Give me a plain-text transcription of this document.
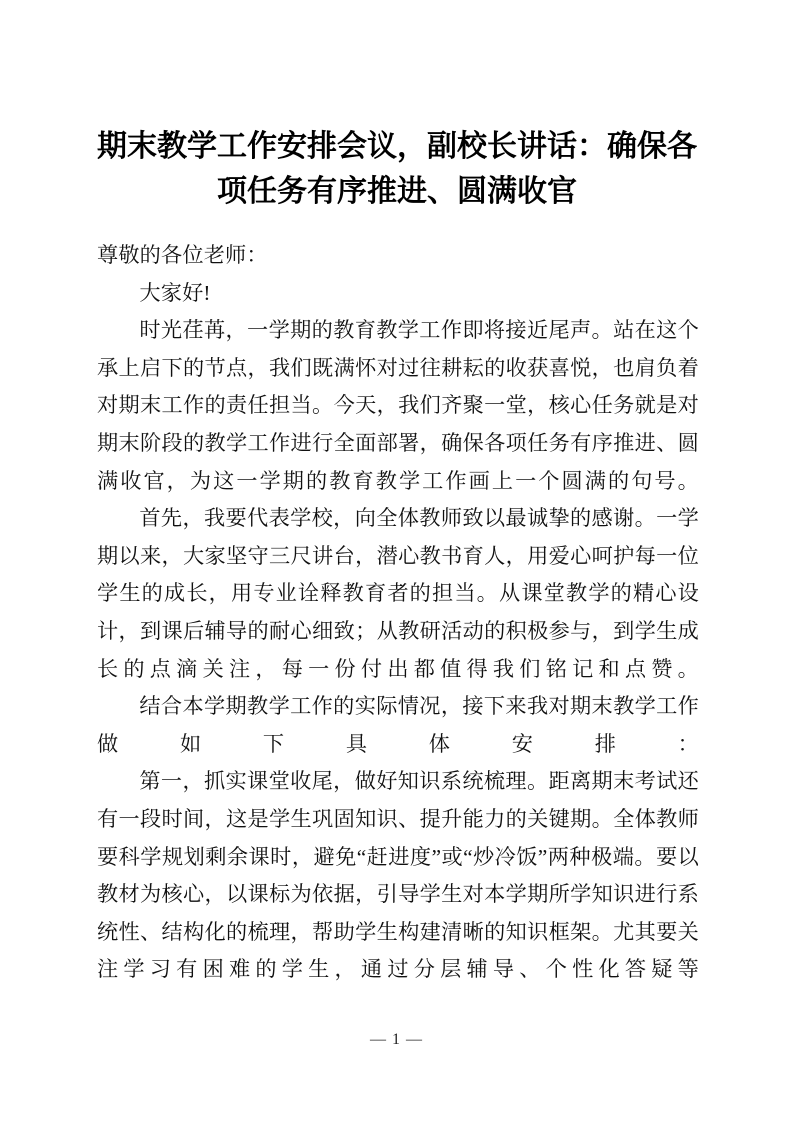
期末教学工作安排会议，副校长讲话：确保各项任务有序推进、圆满收官

尊敬的各位老师：

大家好!

时光荏苒，一学期的教育教学工作即将接近尾声。站在这个承上启下的节点，我们既满怀对过往耕耘的收获喜悦，也肩负着对期末工作的责任担当。今天，我们齐聚一堂，核心任务就是对期末阶段的教学工作进行全面部署，确保各项任务有序推进、圆满收官，为这一学期的教育教学工作画上一个圆满的句号。

首先，我要代表学校，向全体教师致以最诚挚的感谢。一学期以来，大家坚守三尺讲台，潜心教书育人，用爱心呵护每一位学生的成长，用专业诠释教育者的担当。从课堂教学的精心设计，到课后辅导的耐心细致；从教研活动的积极参与，到学生成长的点滴关注，每一份付出都值得我们铭记和点赞。

结合本学期教学工作的实际情况，接下来我对期末教学工作做如下具体安排：

第一，抓实课堂收尾，做好知识系统梳理。距离期末考试还有一段时间，这是学生巩固知识、提升能力的关键期。全体教师要科学规划剩余课时，避免“赶进度”或“炒冷饭”两种极端。要以教材为核心，以课标为依据，引导学生对本学期所学知识进行系统性、结构化的梳理，帮助学生构建清晰的知识框架。尤其要关注学习有困难的学生，通过分层辅导、个性化答疑等

— 1 —
